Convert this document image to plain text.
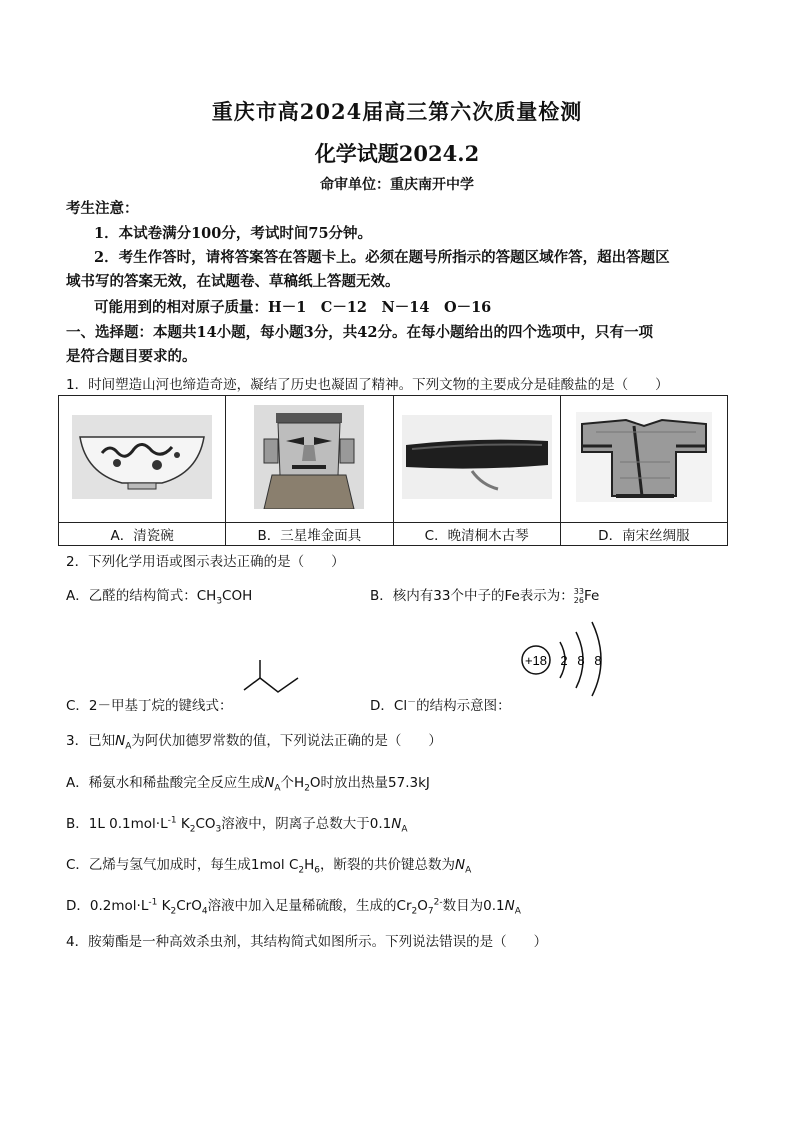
重庆市高2024届高三第六次质量检测
化学试题2024.2
命审单位：重庆南开中学
考生注意：
1．本试卷满分100分，考试时间75分钟。
2．考生作答时，请将答案答在答题卡上。必须在题号所指示的答题区域作答，超出答题区
域书写的答案无效，在试题卷、草稿纸上答题无效。
可能用到的相对原子质量：H－1　C－12　N－14　O－16
一、选择题：本题共14小题，每小题3分，共42分。在每小题给出的四个选项中，只有一项
是符合题目要求的。
1．时间塑造山河也缔造奇迹，凝结了历史也凝固了精神。下列文物的主要成分是硅酸盐的是（　　）

A．清瓷碗	B．三星堆金面具	C．晚清桐木古琴	D．南宋丝绸服
2．下列化学用语或图示表达正确的是（　　）
A．乙醛的结构简式：$CH_3COH$	B．核内有33个中子的Fe表示为：33
26Fe
C．2－甲基丁烷的键线式：	D．Cl－的结构示意图：
+18 2 8 8
3．已知$N_A$为阿伏加德罗常数的值，下列说法正确的是（　　）
A．稀氨水和稀盐酸完全反应生成$N_A$个$H_2O$时放出热量57.3kJ
B．1L $0.1mol\cdot L^{-1}$ $K_2CO_3$溶液中，阴离子总数大于$0.1N_A$
C．乙烯与氢气加成时，每生成1mol $C_2H_6$，断裂的共价键总数为$N_A$
D．$0.2mol\cdot L^{-1}$ $K_2CrO_4$溶液中加入足量稀硫酸，生成的$Cr_2O_7^{2-}$数目为$0.1N_A$
4．胺菊酯是一种高效杀虫剂，其结构简式如图所示。下列说法错误的是（　　）
